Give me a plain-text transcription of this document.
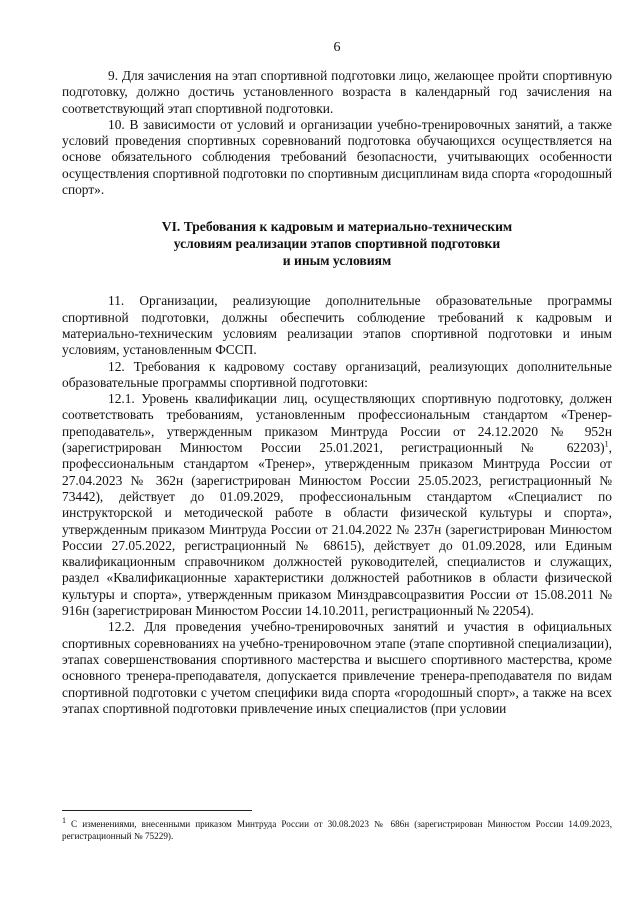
6

9. Для зачисления на этап спортивной подготовки лицо, желающее пройти спортивную подготовку, должно достичь установленного возраста в календарный год зачисления на соответствующий этап спортивной подготовки.

10. В зависимости от условий и организации учебно-тренировочных занятий, а также условий проведения спортивных соревнований подготовка обучающихся осуществляется на основе обязательного соблюдения требований безопасности, учитывающих особенности осуществления спортивной подготовки по спортивным дисциплинам вида спорта «городошный спорт».

VI. Требования к кадровым и материально-техническим
условиям реализации этапов спортивной подготовки
и иным условиям

11. Организации, реализующие дополнительные образовательные программы спортивной подготовки, должны обеспечить соблюдение требований к кадровым и материально-техническим условиям реализации этапов спортивной подготовки и иным условиям, установленным ФССП.

12. Требования к кадровому составу организаций, реализующих дополнительные образовательные программы спортивной подготовки:

12.1. Уровень квалификации лиц, осуществляющих спортивную подготовку, должен соответствовать требованиям, установленным профессиональным стандартом «Тренер-преподаватель», утвержденным приказом Минтруда России от 24.12.2020 № 952н (зарегистрирован Минюстом России 25.01.2021, регистрационный № 62203)$^1$, профессиональным стандартом «Тренер», утвержденным приказом Минтруда России от 27.04.2023 № 362н (зарегистрирован Минюстом России 25.05.2023, регистрационный № 73442), действует до 01.09.2029, профессиональным стандартом «Специалист по инструкторской и методической работе в области физической культуры и спорта», утвержденным приказом Минтруда России от 21.04.2022 № 237н (зарегистрирован Минюстом России 27.05.2022, регистрационный № 68615), действует до 01.09.2028, или Единым квалификационным справочником должностей руководителей, специалистов и служащих, раздел «Квалификационные характеристики должностей работников в области физической культуры и спорта», утвержденным приказом Минздравсоцразвития России от 15.08.2011 № 916н (зарегистрирован Минюстом России 14.10.2011, регистрационный № 22054).

12.2. Для проведения учебно-тренировочных занятий и участия в официальных спортивных соревнованиях на учебно-тренировочном этапе (этапе спортивной специализации), этапах совершенствования спортивного мастерства и высшего спортивного мастерства, кроме основного тренера-преподавателя, допускается привлечение тренера-преподавателя по видам спортивной подготовки с учетом специфики вида спорта «городошный спорт», а также на всех этапах спортивной подготовки привлечение иных специалистов (при условии

$^1$ С изменениями, внесенными приказом Минтруда России от 30.08.2023 № 686н (зарегистрирован Минюстом России 14.09.2023, регистрационный № 75229).
